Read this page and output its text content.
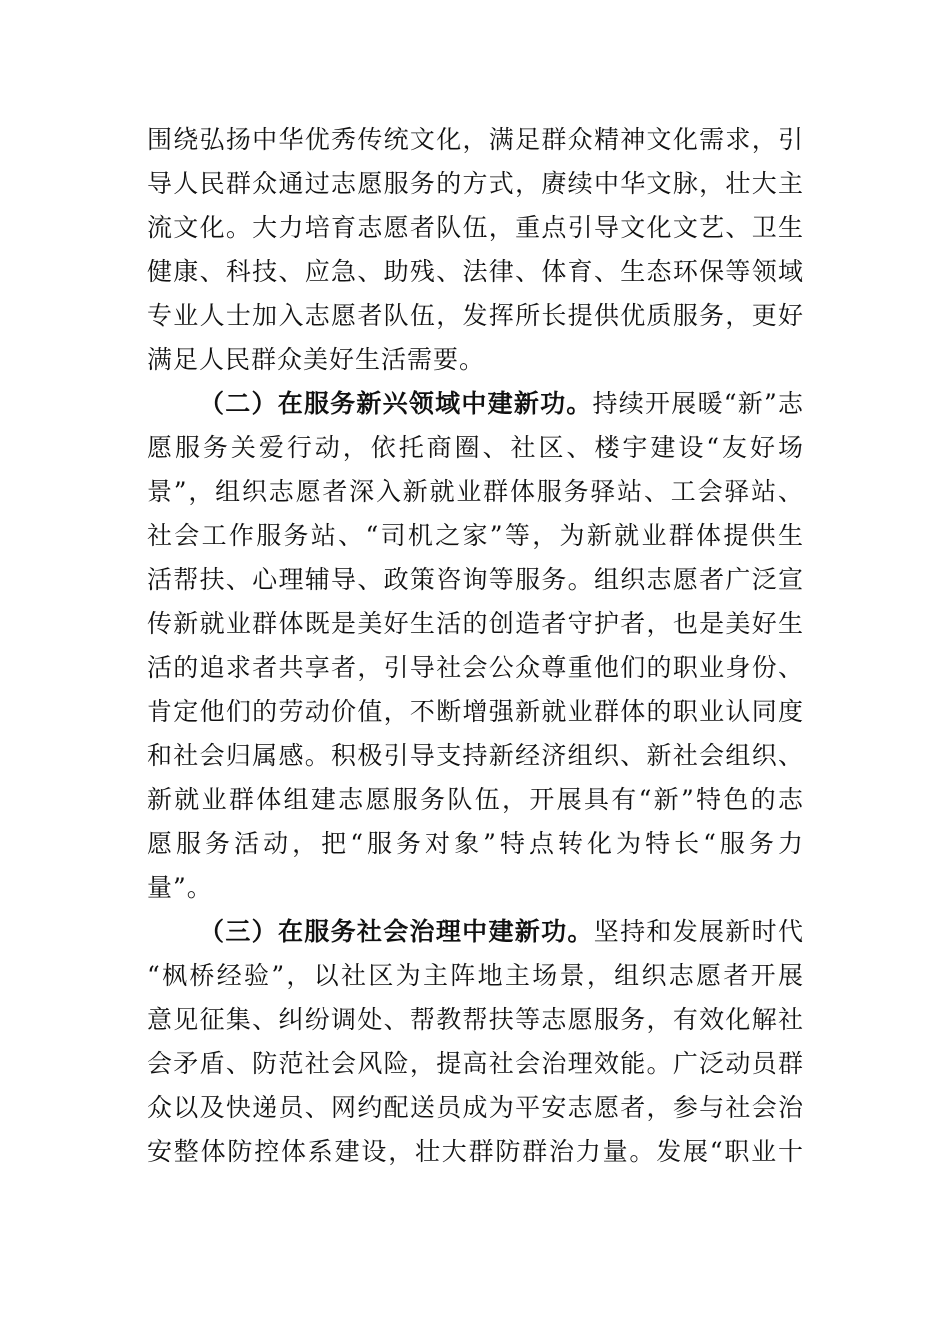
围绕弘扬中华优秀传统文化，满足群众精神文化需求，引
导人民群众通过志愿服务的方式，赓续中华文脉，壮大主
流文化。大力培育志愿者队伍，重点引导文化文艺、卫生
健康、科技、应急、助残、法律、体育、生态环保等领域
专业人士加入志愿者队伍，发挥所长提供优质服务，更好
满足人民群众美好生活需要。
（二）在服务新兴领域中建新功。持续开展暖“新”志
愿服务关爱行动，依托商圈、社区、楼宇建设“友好场
景”，组织志愿者深入新就业群体服务驿站、工会驿站、
社会工作服务站、“司机之家”等，为新就业群体提供生
活帮扶、心理辅导、政策咨询等服务。组织志愿者广泛宣
传新就业群体既是美好生活的创造者守护者，也是美好生
活的追求者共享者，引导社会公众尊重他们的职业身份、
肯定他们的劳动价值，不断增强新就业群体的职业认同度
和社会归属感。积极引导支持新经济组织、新社会组织、
新就业群体组建志愿服务队伍，开展具有“新”特色的志
愿服务活动，把“服务对象”特点转化为特长“服务力
量”。
（三）在服务社会治理中建新功。坚持和发展新时代
“枫桥经验”，以社区为主阵地主场景，组织志愿者开展
意见征集、纠纷调处、帮教帮扶等志愿服务，有效化解社
会矛盾、防范社会风险，提高社会治理效能。广泛动员群
众以及快递员、网约配送员成为平安志愿者，参与社会治
安整体防控体系建设，壮大群防群治力量。发展“职业十
